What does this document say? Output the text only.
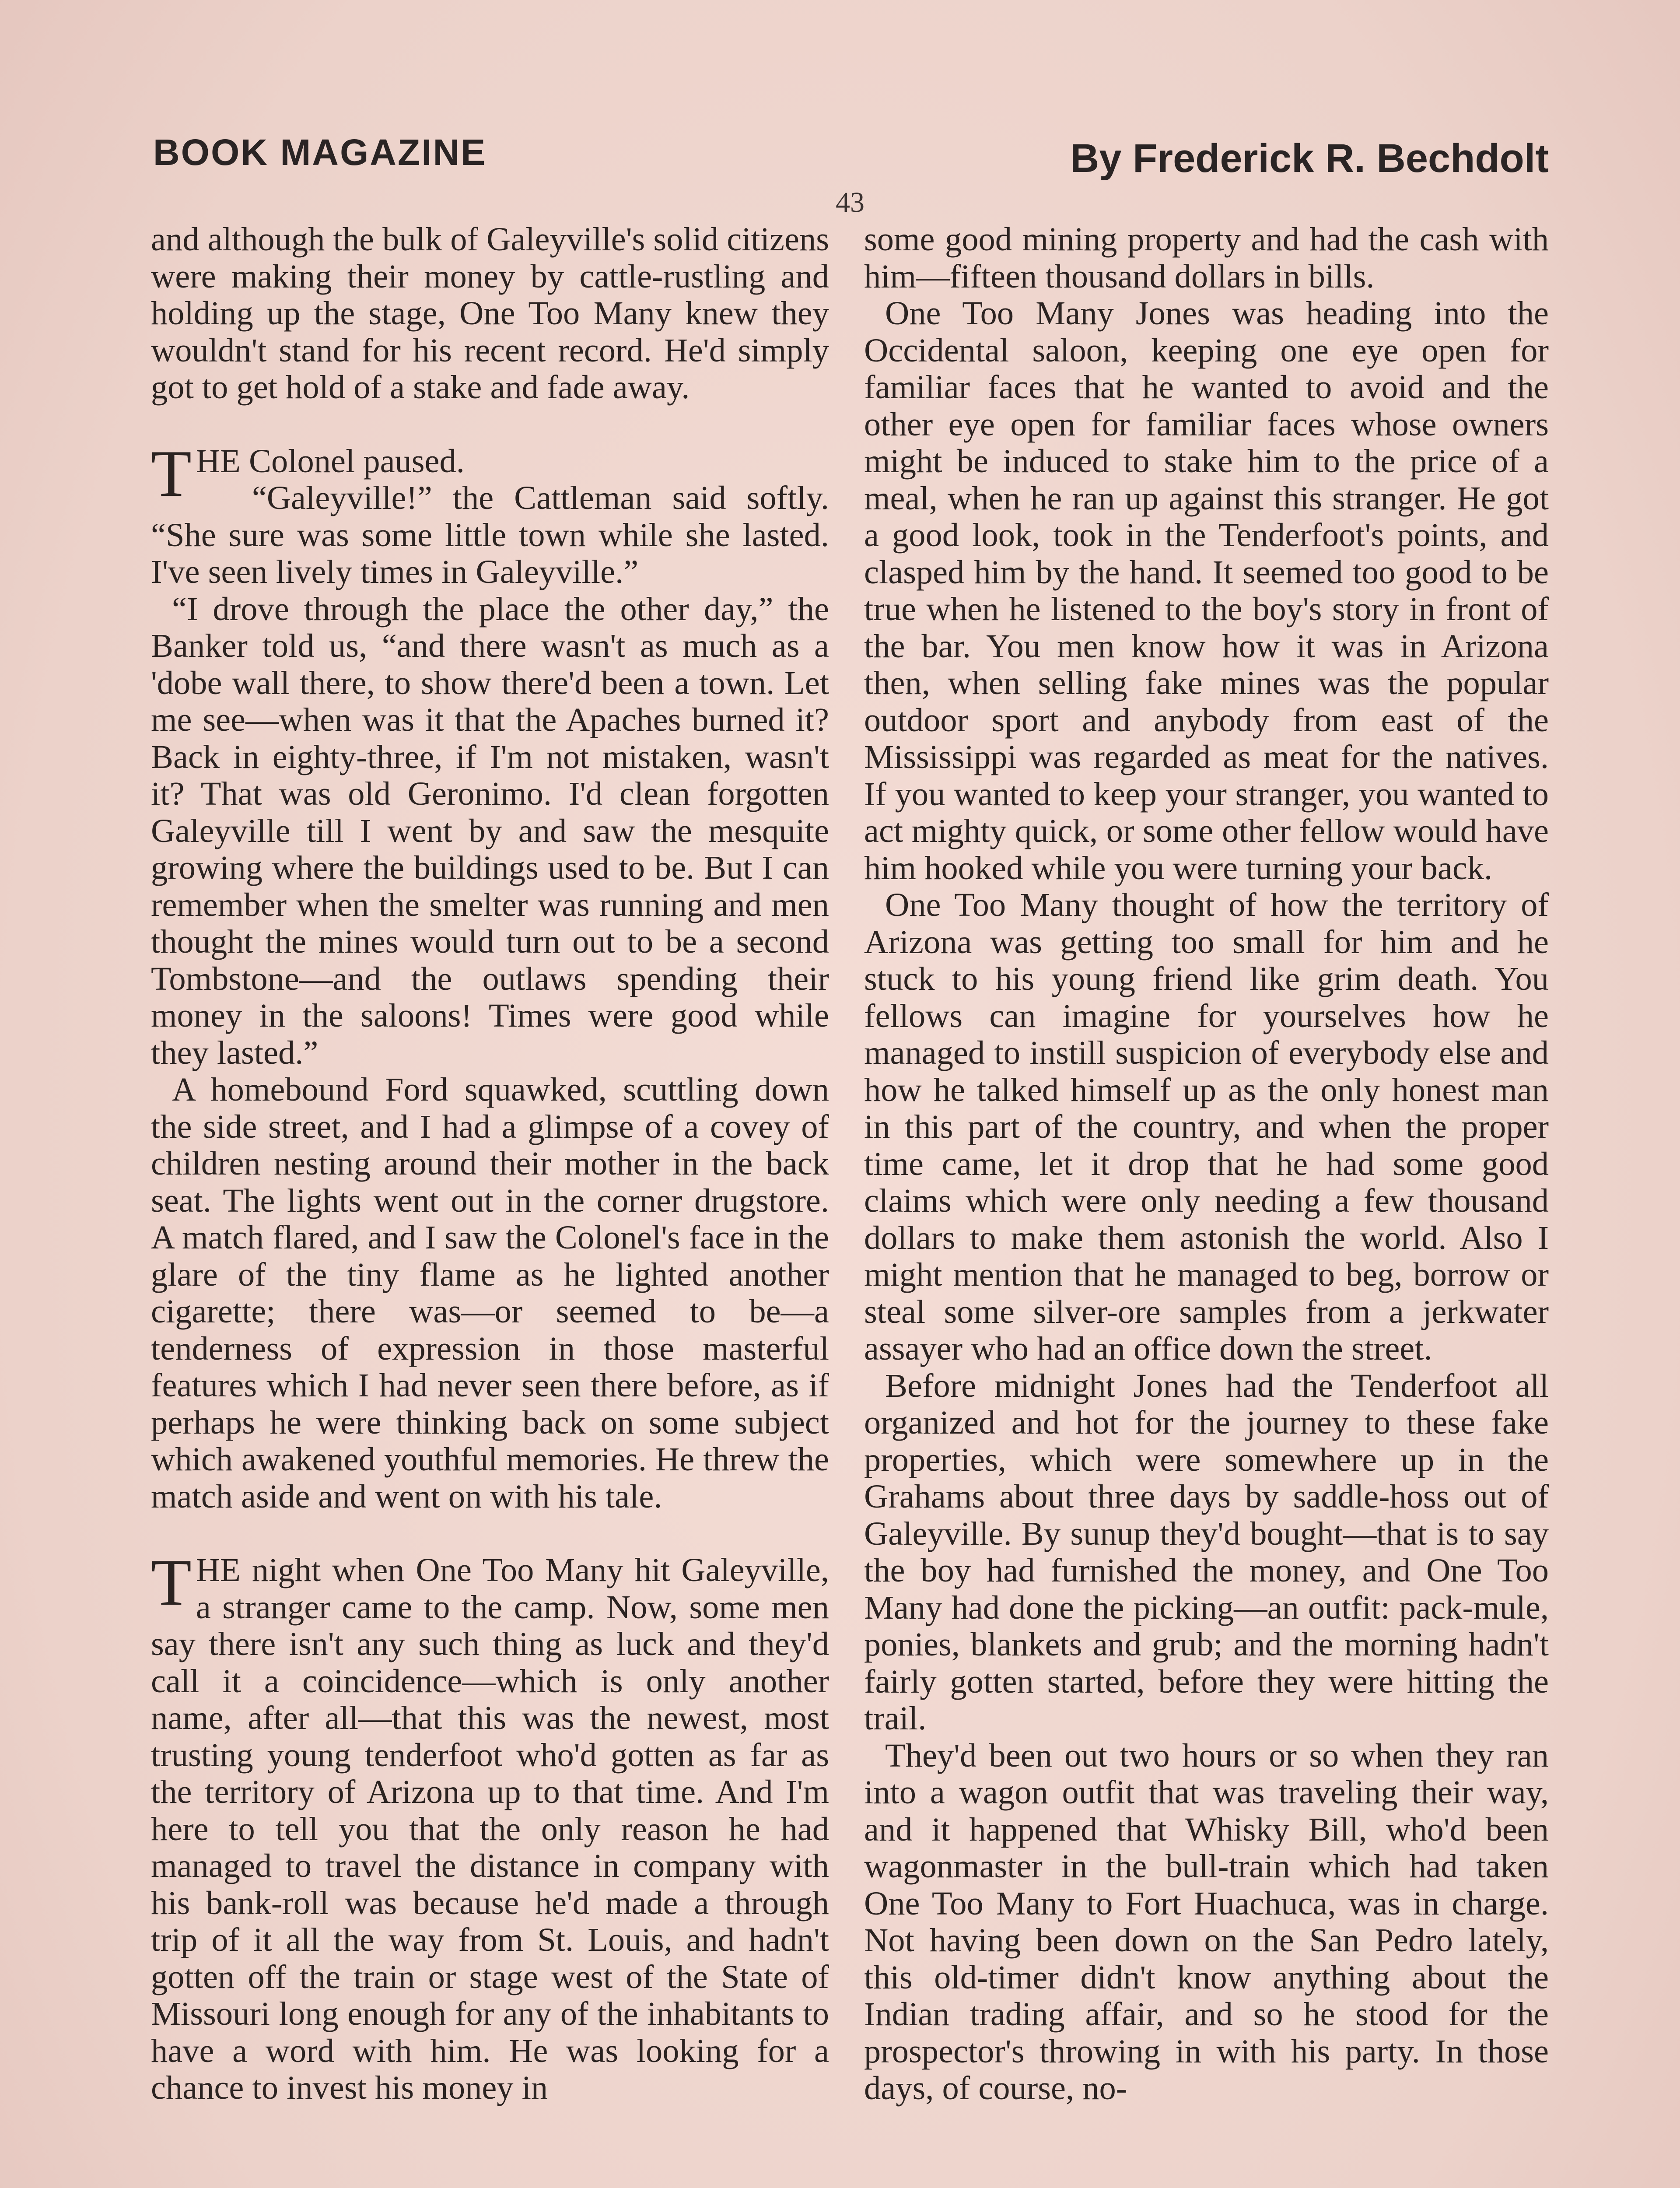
BOOK MAGAZINE	By Frederick R. Bechdolt
43

and although the bulk of Galeyville's solid citizens were making their money by cattle-rustling and holding up the stage, One Too Many knew they wouldn't stand for his recent record. He'd simply got to get hold of a stake and fade away.

THE Colonel paused.

“Galeyville!” the Cattleman said softly. “She sure was some little town while she lasted. I've seen lively times in Galeyville.”

“I drove through the place the other day,” the Banker told us, “and there wasn't as much as a 'dobe wall there, to show there'd been a town. Let me see—when was it that the Apaches burned it? Back in eighty-three, if I'm not mistaken, wasn't it? That was old Geronimo. I'd clean forgotten Galeyville till I went by and saw the mesquite growing where the buildings used to be. But I can remember when the smelter was running and men thought the mines would turn out to be a second Tombstone—and the outlaws spending their money in the saloons! Times were good while they lasted.”

A homebound Ford squawked, scuttling down the side street, and I had a glimpse of a covey of children nesting around their mother in the back seat. The lights went out in the corner drugstore. A match flared, and I saw the Colonel's face in the glare of the tiny flame as he lighted another cigarette; there was—or seemed to be—a tenderness of expression in those masterful features which I had never seen there before, as if perhaps he were thinking back on some subject which awakened youthful memories. He threw the match aside and went on with his tale.

THE night when One Too Many hit Galeyville, a stranger came to the camp. Now, some men say there isn't any such thing as luck and they'd call it a coincidence—which is only another name, after all—that this was the newest, most trusting young tenderfoot who'd gotten as far as the territory of Arizona up to that time. And I'm here to tell you that the only reason he had managed to travel the distance in company with his bank-roll was because he'd made a through trip of it all the way from St. Louis, and hadn't gotten off the train or stage west of the State of Missouri long enough for any of the inhabitants to have a word with him. He was looking for a chance to invest his money in

some good mining property and had the cash with him—fifteen thousand dollars in bills.

One Too Many Jones was heading into the Occidental saloon, keeping one eye open for familiar faces that he wanted to avoid and the other eye open for familiar faces whose owners might be induced to stake him to the price of a meal, when he ran up against this stranger. He got a good look, took in the Tenderfoot's points, and clasped him by the hand. It seemed too good to be true when he listened to the boy's story in front of the bar. You men know how it was in Arizona then, when selling fake mines was the popular outdoor sport and anybody from east of the Mississippi was regarded as meat for the natives. If you wanted to keep your stranger, you wanted to act mighty quick, or some other fellow would have him hooked while you were turning your back.

One Too Many thought of how the territory of Arizona was getting too small for him and he stuck to his young friend like grim death. You fellows can imagine for yourselves how he managed to instill suspicion of everybody else and how he talked himself up as the only honest man in this part of the country, and when the proper time came, let it drop that he had some good claims which were only needing a few thousand dollars to make them astonish the world. Also I might mention that he managed to beg, borrow or steal some silver-ore samples from a jerkwater assayer who had an office down the street.

Before midnight Jones had the Tenderfoot all organized and hot for the journey to these fake properties, which were somewhere up in the Grahams about three days by saddle-hoss out of Galeyville. By sunup they'd bought—that is to say the boy had furnished the money, and One Too Many had done the picking—an outfit: pack-mule, ponies, blankets and grub; and the morning hadn't fairly gotten started, before they were hitting the trail.

They'd been out two hours or so when they ran into a wagon outfit that was traveling their way, and it happened that Whisky Bill, who'd been wagonmaster in the bull-train which had taken One Too Many to Fort Huachuca, was in charge. Not having been down on the San Pedro lately, this old-timer didn't know anything about the Indian trading affair, and so he stood for the prospector's throwing in with his party. In those days, of course, no-
